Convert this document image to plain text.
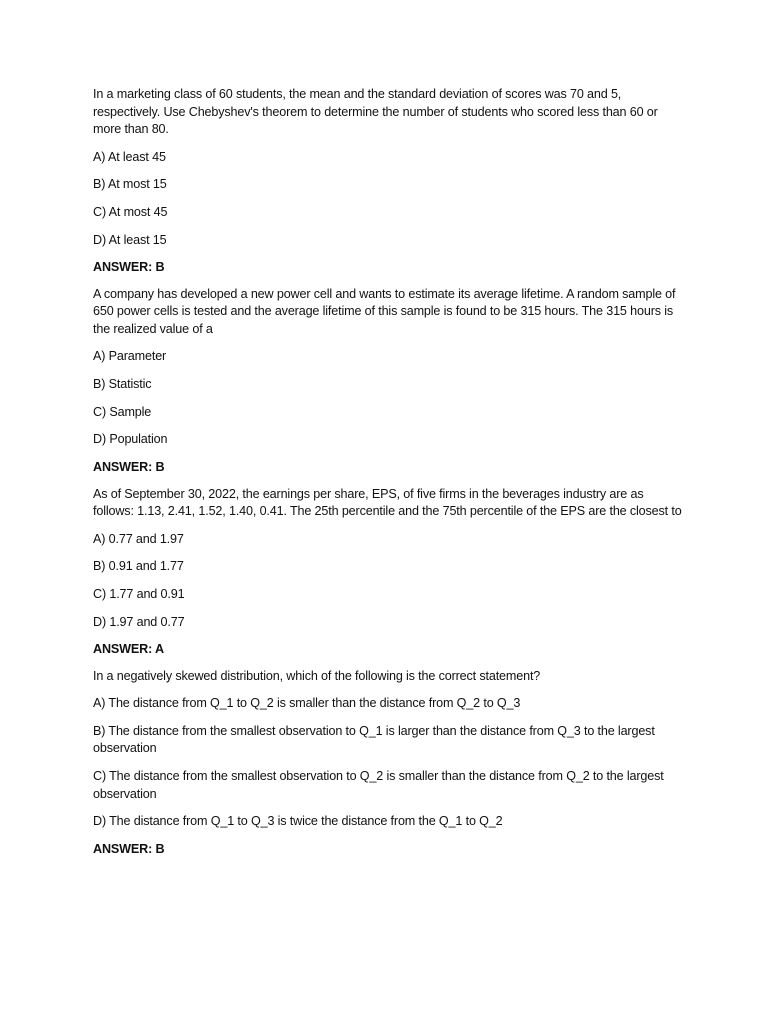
In a marketing class of 60 students, the mean and the standard deviation of scores was 70 and 5, respectively. Use Chebyshev's theorem to determine the number of students who scored less than 60 or more than 80.

A) At least 45

B) At most 15

C) At most 45

D) At least 15

ANSWER: B

A company has developed a new power cell and wants to estimate its average lifetime. A random sample of 650 power cells is tested and the average lifetime of this sample is found to be 315 hours. The 315 hours is the realized value of a

A) Parameter

B) Statistic

C) Sample

D) Population

ANSWER: B

As of September 30, 2022, the earnings per share, EPS, of five firms in the beverages industry are as follows: 1.13, 2.41, 1.52, 1.40, 0.41. The 25th percentile and the 75th percentile of the EPS are the closest to

A) 0.77 and 1.97

B) 0.91 and 1.77

C) 1.77 and 0.91

D) 1.97 and 0.77

ANSWER: A

In a negatively skewed distribution, which of the following is the correct statement?

A) The distance from Q_1 to Q_2 is smaller than the distance from Q_2 to Q_3

B) The distance from the smallest observation to Q_1 is larger than the distance from Q_3 to the largest observation

C) The distance from the smallest observation to Q_2 is smaller than the distance from Q_2 to the largest observation

D) The distance from Q_1 to Q_3 is twice the distance from the Q_1 to Q_2

ANSWER: B
